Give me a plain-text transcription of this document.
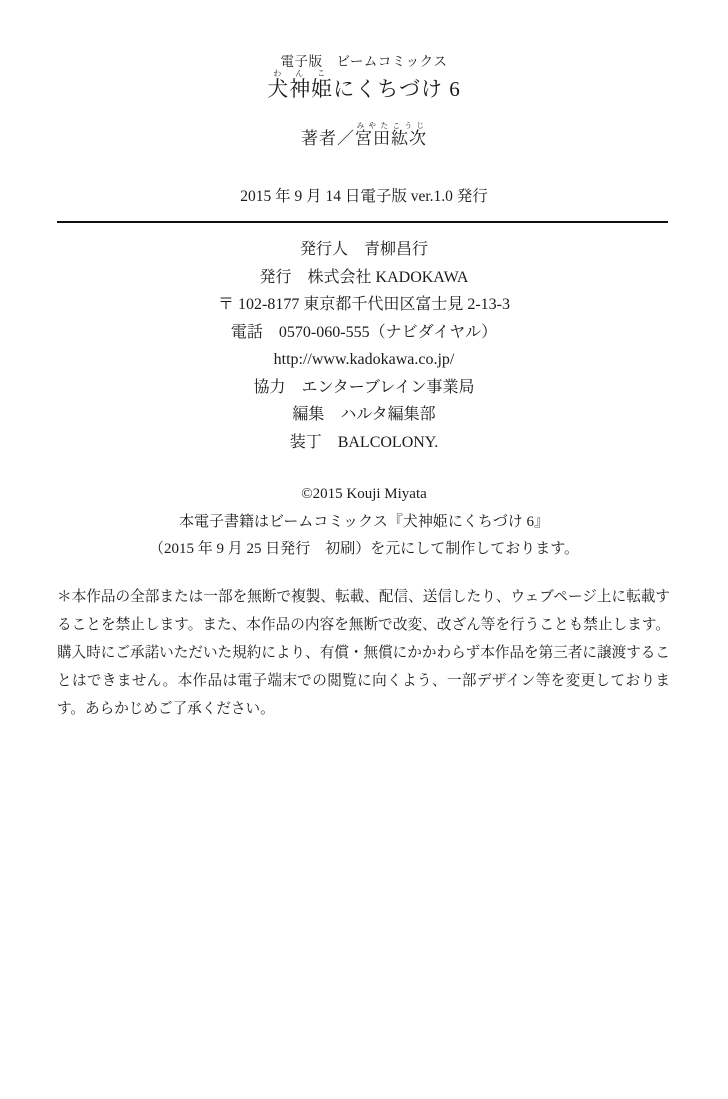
電子版　ビームコミックス
犬神姫わんこにくちづけ 6
著者／宮田みやた紘次こうじ
2015 年 9 月 14 日電子版 ver.1.0 発行
発行人　青柳昌行
発行　株式会社 KADOKAWA
〒 102-8177 東京都千代田区富士見 2-13-3
電話　0570-060-555（ナビダイヤル）
http://www.kadokawa.co.jp/
協力　エンターブレイン事業局
編集　ハルタ編集部
装丁　BALCOLONY.
©2015 Kouji Miyata
本電子書籍はビームコミックス『犬神姫にくちづけ 6』
（2015 年 9 月 25 日発行　初刷）を元にして制作しております。

＊本作品の全部または一部を無断で複製、転載、配信、送信したり、ウェブページ上に転載することを禁止します。また、本作品の内容を無断で改変、改ざん等を行うことも禁止します。購入時にご承諾いただいた規約により、有償・無償にかかわらず本作品を第三者に譲渡することはできません。本作品は電子端末での閲覧に向くよう、一部デザイン等を変更しております。あらかじめご了承ください。
